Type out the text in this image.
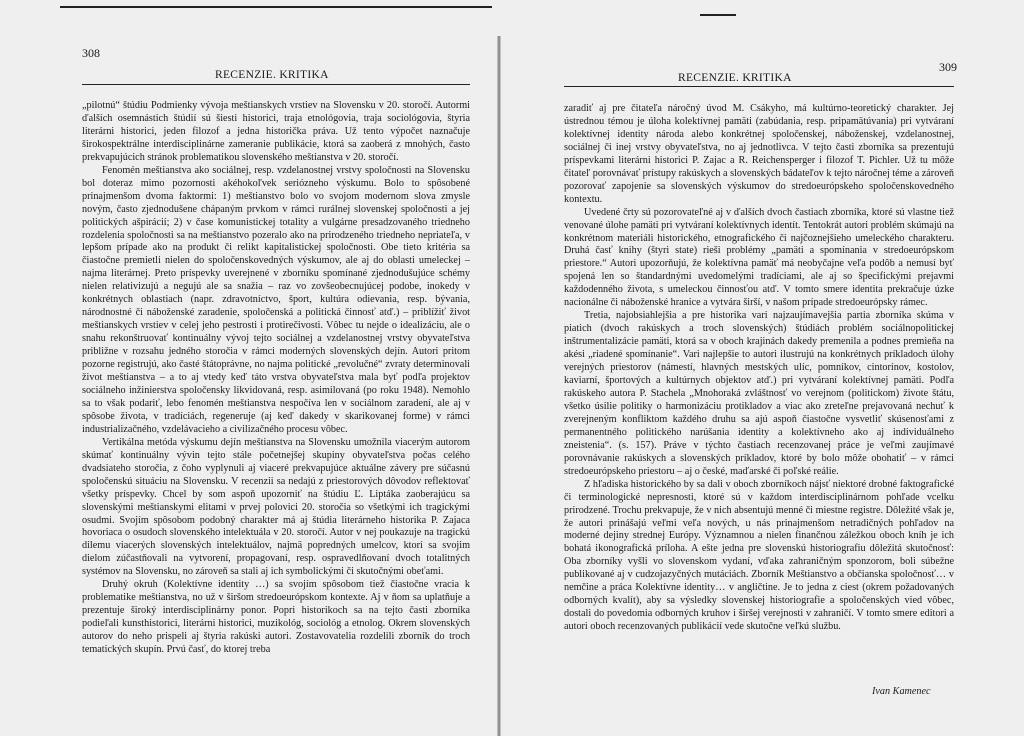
308
RECENZIE. KRITIKA

„pilotnú“ štúdiu Podmienky vývoja meštianskych vrstiev na Slovensku v 20. storočí. Autormi ďalších osemnástich štúdií sú šiesti historici, traja etnológovia, traja sociológovia, štyria literárni historici, jeden filozof a jedna historička práva. Už tento výpočet naznačuje širokospektrálne interdisciplinárne zameranie publikácie, ktorá sa zaoberá z mnohých, často prekvapujúcich stránok problematikou slovenského meštianstva v 20. storočí.

Fenomén meštianstva ako sociálnej, resp. vzdelanostnej vrstvy spoločnosti na Slovensku bol doteraz mimo pozornosti akéhokoľvek seriózneho výskumu. Bolo to spôsobené prinajmenšom dvoma faktormi: 1) meštianstvo bolo vo svojom modernom slova zmysle novým, často zjednodušene chápaným prvkom v rámci rurálnej slovenskej spoločnosti a jej politických ašpirácií; 2) v čase komunistickej totality a vulgárne presadzovaného triedneho rozdelenia spoločnosti sa na meštianstvo pozeralo ako na prirodzeného triedneho nepriateľa, v lepšom prípade ako na produkt či relikt kapitalistickej spoločnosti. Obe tieto kritéria sa čiastočne premietli nielen do spoločenskovedných výskumov, ale aj do oblasti umeleckej – najma literárnej. Preto príspevky uverejnené v zborníku spomínané zjednodušujúce schémy nielen relativizujú a negujú ale sa snažia – raz vo zovšeobecnujúcej podobe, inokedy v konkrétnych oblastiach (napr. zdravotníctvo, šport, kultúra odievania, resp. bývania, národnostné či náboženské zaradenie, spoločenská a politická činnosť atď.) – priblížiť život meštianskych vrstiev v celej jeho pestrosti i protirečivosti. Vôbec tu nejde o idealizáciu, ale o snahu rekonštruovať kontinuálny vývoj tejto sociálnej a vzdelanostnej vrstvy obyvateľstva približne v rozsahu jedného storočia v rámci moderných slovenských dejín. Autori pritom pozorne registrujú, ako časté štátoprávne, no najma politické „revolučné“ zvraty determinovali život meštianstva – a to aj vtedy keď táto vrstva obyvateľstva mala byť podľa projektov sociálneho inžinierstva spoločensky likvidovaná, resp. asimilovaná (po roku 1948). Nemohlo sa to však podariť, lebo fenomén meštianstva nespočíva len v sociálnom zaradení, ale aj v spôsobe života, v tradíciách, regeneruje (aj keď dakedy v skarikovanej forme) v rámci industrializačného, vzdelávacieho a civilizačného procesu vôbec.

Vertikálna metóda výskumu dejín meštianstva na Slovensku umožnila viacerým autorom skúmať kontinuálny vývin tejto stále početnejšej skupiny obyvateľstva počas celého dvadsiateho storočia, z čoho vyplynuli aj viaceré prekvapujúce aktuálne závery pre súčasnú spoločenskú situáciu na Slovensku. V recenzii sa nedajú z priestorových dôvodov reflektovať všetky príspevky. Chcel by som aspoň upozorniť na štúdiu Ľ. Liptáka zaoberajúcu sa slovenskými meštianskymi elitami v prvej polovici 20. storočia so všetkými ich tragickými osudmi. Svojím spôsobom podobný charakter má aj štúdia literárneho historika P. Zajaca hovoriaca o osudoch slovenského intelektuála v 20. storočí. Autor v nej poukazuje na tragickú dilemu viacerých slovenských intelektuálov, najmä popredných umelcov, ktorí sa svojim dielom zúčastňovali na vytvorení, propagovaní, resp. ospravedlňovaní dvoch totalitných systémov na Slovensku, no zároveň sa stali aj ich symbolickými či skutočnými obeťami.

Druhý okruh (Kolektívne identity …) sa svojím spôsobom tiež čiastočne vracia k problematike meštianstva, no už v širšom stredoeurópskom kontexte. Aj v ňom sa uplatňuje a prezentuje široký interdisciplinárny ponor. Popri historikoch sa na tejto časti zborníka podieľali kunsthistorici, literárni historici, muzikológ, sociológ a etnolog. Okrem slovenských autorov do neho prispeli aj štyria rakúski autori. Zostavovatelia rozdelili zborník do troch tematických skupín. Prvú časť, do ktorej treba

309
RECENZIE. KRITIKA

zaradiť aj pre čitateľa náročný úvod M. Csákyho, má kultúrno-teoretický charakter. Jej ústrednou témou je úloha kolektívnej pamäti (zabúdania, resp. pripamätúvania) pri vytváraní kolektívnej identity národa alebo konkrétnej spoločenskej, náboženskej, vzdelanostnej, sociálnej či inej vrstvy obyvateľstva, no aj jednotlivca. V tejto časti zborníka sa prezentujú príspevkami literárni historici P. Zajac a R. Reichensperger i filozof T. Pichler. Už tu môže čitateľ porovnávať prístupy rakúskych a slovenských bádateľov k tejto náročnej téme a zároveň pozorovať zapojenie sa slovenských výskumov do stredoeurópskeho spoločenskovedného kontextu.

Uvedené črty sú pozorovateľné aj v ďalších dvoch častiach zborníka, ktoré sú vlastne tiež venované úlohe pamäti pri vytváraní kolektívnych identít. Tentokrát autori problém skúmajú na konkrétnom materiáli historického, etnografického či najčoznejšieho umeleckého charakteru. Druhá časť knihy (štyri state) rieši problémy „pamäti a spomínania v stredoeurópskom priestore.“ Autori upozorňujú, že kolektívna pamäť má neobyčajne veľa podôb a nemusí byť spojená len so štandardnými uvedomelými tradíciami, ale aj so špecifickými prejavmi každodenného života, s umeleckou činnosťou atď. V tomto smere identita prekračuje úzke nacionálne či náboženské hranice a vytvára širší, v našom prípade stredoeurópsky rámec.

Tretia, najobsiahlejšia a pre historika vari najzaujímavejšia partia zborníka skúma v piatich (dvoch rakúskych a troch slovenských) štúdiách problém sociálnopolitickej inštrumentalizácie pamäti, ktorá sa v oboch krajinách dakedy premenila a podnes premieňa na akési „riadené spomínanie“. Vari najlepšie to autori ilustrujú na konkrétnych príkladoch úlohy verejných priestorov (námestí, hlavných mestských ulíc, pomníkov, cintorínov, kostolov, kaviarní, športových a kultúrnych objektov atď.) pri vytváraní kolektívnej pamäti. Podľa rakúskeho autora P. Stachela „Mnohoraká zvláštnosť vo verejnom (politickom) živote štátu, všetko úsilie politiky o harmonizáciu protikladov a viac ako zreteľne prejavovaná nechuť k zverejneným konfliktom každého druhu sa ajú aspoň čiastočne vysvetliť skúsenosťami z permanentného politického narúšania identity a kolektívneho ako aj individuálneho zneistenia“. (s. 157). Práve v týchto častiach recenzovanej práce je veľmi zaujímavé porovnávanie rakúskych a slovenských príkladov, ktoré by bolo môže obohatiť – v rámci stredoeurópskeho priestoru – aj o české, maďarské či poľské reálie.

Z hľadiska historického by sa dali v oboch zborníkoch nájsť niektoré drobné faktografické či terminologické nepresnosti, ktoré sú v každom interdisciplinárnom pohľade vcelku prirodzené. Trochu prekvapuje, že v nich absentujú menné či miestne registre. Dôležité však je, že autori prinášajú veľmi veľa nových, u nás prinajmenšom netradičných pohľadov na moderné dejiny strednej Európy. Významnou a nielen finančnou záležkou oboch kníh je ich bohatá ikonografická príloha. A ešte jedna pre slovenskú historiografiu dôležitá skutočnosť: Oba zborníky vyšli vo slovenskom vydaní, vďaka zahraničným sponzorom, boli súbežne publikované aj v cudzojazyčných mutáciách. Zborník Meštianstvo a občianska spoločnosť… v nemčine a práca Kolektívne identity… v angličtine. Je to jedna z ciest (okrem požadovaných odborných kvalít), aby sa výsledky slovenskej historiografie a spoločenských vied vôbec, dostali do povedomia odborných kruhov i širšej verejnosti v zahraničí. V tomto smere editori a autori oboch recenzovaných publikácií vede skutočne veľkú službu.

Ivan Kamenec
